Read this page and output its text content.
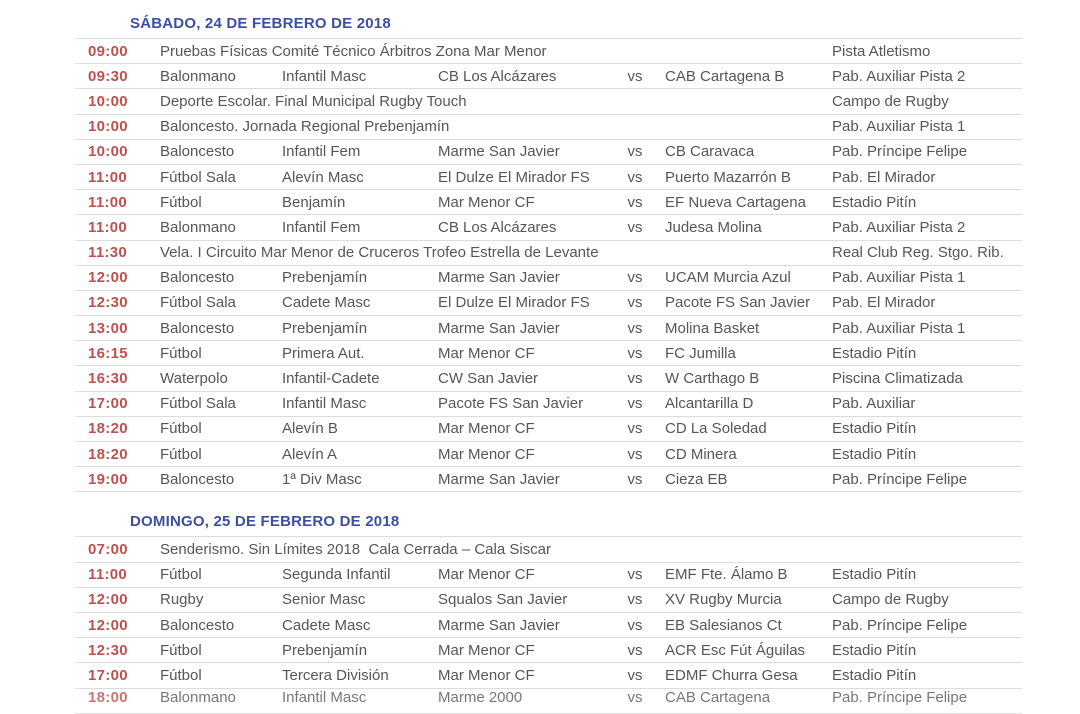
SÁBADO, 24 DE FEBRERO DE 2018
09:00	Pruebas Físicas Comité Técnico Árbitros Zona Mar Menor	Pista Atletismo
09:30	Balonmano	Infantil Masc	CB Los Alcázares	vs	CAB Cartagena B	Pab. Auxiliar Pista 2
10:00	Deporte Escolar. Final Municipal Rugby Touch	Campo de Rugby
10:00	Baloncesto. Jornada Regional Prebenjamín	Pab. Auxiliar Pista 1
10:00	Baloncesto	Infantil Fem	Marme San Javier	vs	CB Caravaca	Pab. Príncipe Felipe
11:00	Fútbol Sala	Alevín Masc	El Dulze El Mirador FS	vs	Puerto Mazarrón B	Pab. El Mirador
11:00	Fútbol	Benjamín	Mar Menor CF	vs	EF Nueva Cartagena	Estadio Pitín
11:00	Balonmano	Infantil Fem	CB Los Alcázares	vs	Judesa Molina	Pab. Auxiliar Pista 2
11:30	Vela. I Circuito Mar Menor de Cruceros Trofeo Estrella de Levante	Real Club Reg. Stgo. Rib.
12:00	Baloncesto	Prebenjamín	Marme San Javier	vs	UCAM Murcia Azul	Pab. Auxiliar Pista 1
12:30	Fútbol Sala	Cadete Masc	El Dulze El Mirador FS	vs	Pacote FS San Javier	Pab. El Mirador
13:00	Baloncesto	Prebenjamín	Marme San Javier	vs	Molina Basket	Pab. Auxiliar Pista 1
16:15	Fútbol	Primera Aut.	Mar Menor CF	vs	FC Jumilla	Estadio Pitín
16:30	Waterpolo	Infantil-Cadete	CW San Javier	vs	W Carthago B	Piscina Climatizada
17:00	Fútbol Sala	Infantil Masc	Pacote FS San Javier	vs	Alcantarilla D	Pab. Auxiliar
18:20	Fútbol	Alevín B	Mar Menor CF	vs	CD La Soledad	Estadio Pitín
18:20	Fútbol	Alevín A	Mar Menor CF	vs	CD Minera	Estadio Pitín
19:00	Baloncesto	1ª Div Masc	Marme San Javier	vs	Cieza EB	Pab. Príncipe Felipe
DOMINGO, 25 DE FEBRERO DE 2018
07:00	Senderismo. Sin Límites 2018  Cala Cerrada – Cala Siscar
11:00	Fútbol	Segunda Infantil	Mar Menor CF	vs	EMF Fte. Álamo B	Estadio Pitín
12:00	Rugby	Senior Masc	Squalos San Javier	vs	XV Rugby Murcia	Campo de Rugby
12:00	Baloncesto	Cadete Masc	Marme San Javier	vs	EB Salesianos Ct	Pab. Príncipe Felipe
12:30	Fútbol	Prebenjamín	Mar Menor CF	vs	ACR Esc Fút Águilas	Estadio Pitín
17:00	Fútbol	Tercera División	Mar Menor CF	vs	EDMF Churra Gesa	Estadio Pitín
18:00	Balonmano	Infantil Masc	Marme 2000	vs	CAB Cartagena	Pab. Príncipe Felipe
